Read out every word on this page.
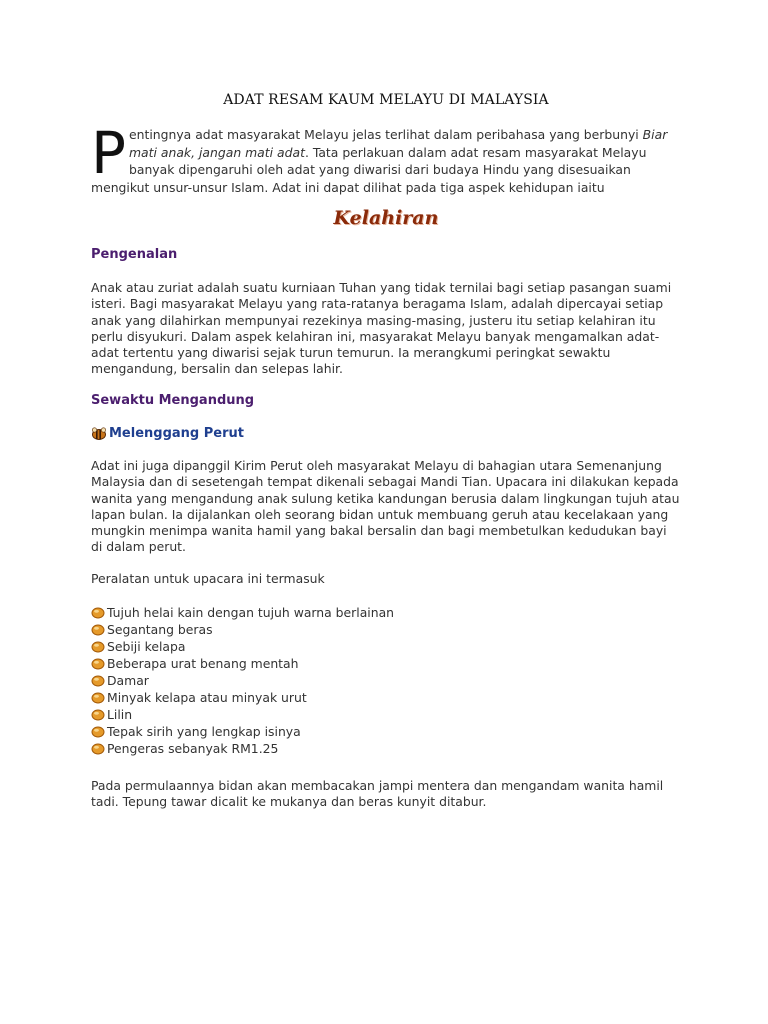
ADAT RESAM KAUM MELAYU DI MALAYSIA
Pentingnya adat masyarakat Melayu jelas terlihat dalam peribahasa yang berbunyi Biar mati anak, jangan mati adat. Tata perlakuan dalam adat resam masyarakat Melayu banyak dipengaruhi oleh adat yang diwarisi dari budaya Hindu yang disesuaikan mengikut unsur-unsur Islam. Adat ini dapat dilihat pada tiga aspek kehidupan iaitu
Kelahiran
Pengenalan
Anak atau zuriat adalah suatu kurniaan Tuhan yang tidak ternilai bagi setiap pasangan suami isteri. Bagi masyarakat Melayu yang rata-ratanya beragama Islam, adalah dipercayai setiap anak yang dilahirkan mempunyai rezekinya masing-masing, justeru itu setiap kelahiran itu perlu disyukuri. Dalam aspek kelahiran ini, masyarakat Melayu banyak mengamalkan adat-adat tertentu yang diwarisi sejak turun temurun. Ia merangkumi peringkat sewaktu mengandung, bersalin dan selepas lahir.
Sewaktu Mengandung
Melenggang Perut
Adat ini juga dipanggil Kirim Perut oleh masyarakat Melayu di bahagian utara Semenanjung Malaysia dan di sesetengah tempat dikenali sebagai Mandi Tian. Upacara ini dilakukan kepada wanita yang mengandung anak sulung ketika kandungan berusia dalam lingkungan tujuh atau lapan bulan. Ia dijalankan oleh seorang bidan untuk membuang geruh atau kecelakaan yang mungkin menimpa wanita hamil yang bakal bersalin dan bagi membetulkan kedudukan bayi di dalam perut.
Peralatan untuk upacara ini termasuk
Tujuh helai kain dengan tujuh warna berlainan
Segantang beras
Sebiji kelapa
Beberapa urat benang mentah
Damar
Minyak kelapa atau minyak urut
Lilin
Tepak sirih yang lengkap isinya
Pengeras sebanyak RM1.25
Pada permulaannya bidan akan membacakan jampi mentera dan mengandam wanita hamil tadi. Tepung tawar dicalit ke mukanya dan beras kunyit ditabur.
